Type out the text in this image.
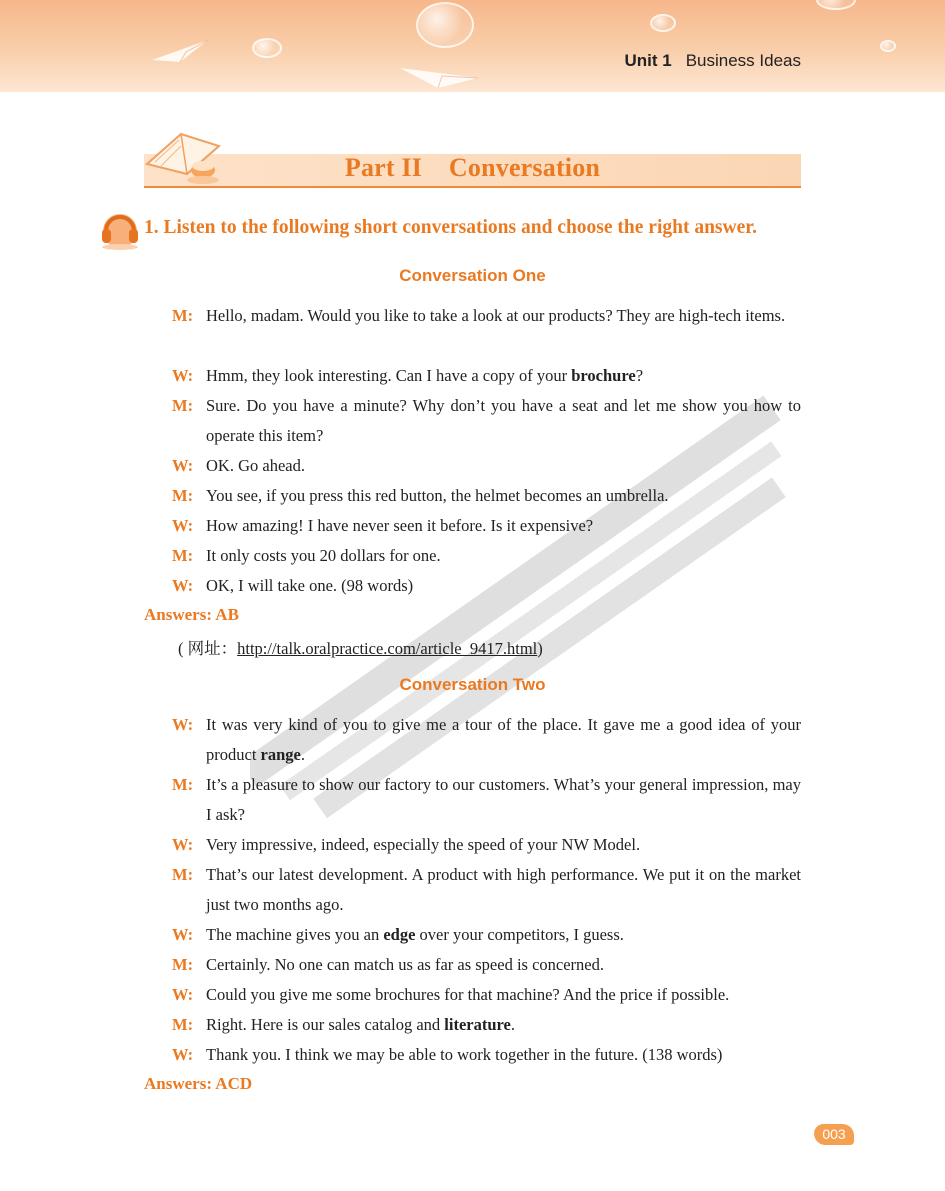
Unit 1 Business Ideas
Part II    Conversation
1. Listen to the following short conversations and choose the right answer.
Conversation One
M: Hello, madam. Would you like to take a look at our products? They are high-tech items.
W: Hmm, they look interesting. Can I have a copy of your brochure?
M: Sure. Do you have a minute? Why don’t you have a seat and let me show you how to operate this item?
W: OK. Go ahead.
M: You see, if you press this red button, the helmet becomes an umbrella.
W: How amazing! I have never seen it before. Is it expensive?
M: It only costs you 20 dollars for one.
W: OK, I will take one. (98 words)
Answers: AB
( 网址：http://talk.oralpractice.com/article_9417.html)
Conversation Two
W: It was very kind of you to give me a tour of the place. It gave me a good idea of your product range.
M: It’s a pleasure to show our factory to our customers. What’s your general impression, may I ask?
W: Very impressive, indeed, especially the speed of your NW Model.
M: That’s our latest development. A product with high performance. We put it on the market just two months ago.
W: The machine gives you an edge over your competitors, I guess.
M: Certainly. No one can match us as far as speed is concerned.
W: Could you give me some brochures for that machine? And the price if possible.
M: Right. Here is our sales catalog and literature.
W: Thank you. I think we may be able to work together in the future. (138 words)
Answers: ACD
003
